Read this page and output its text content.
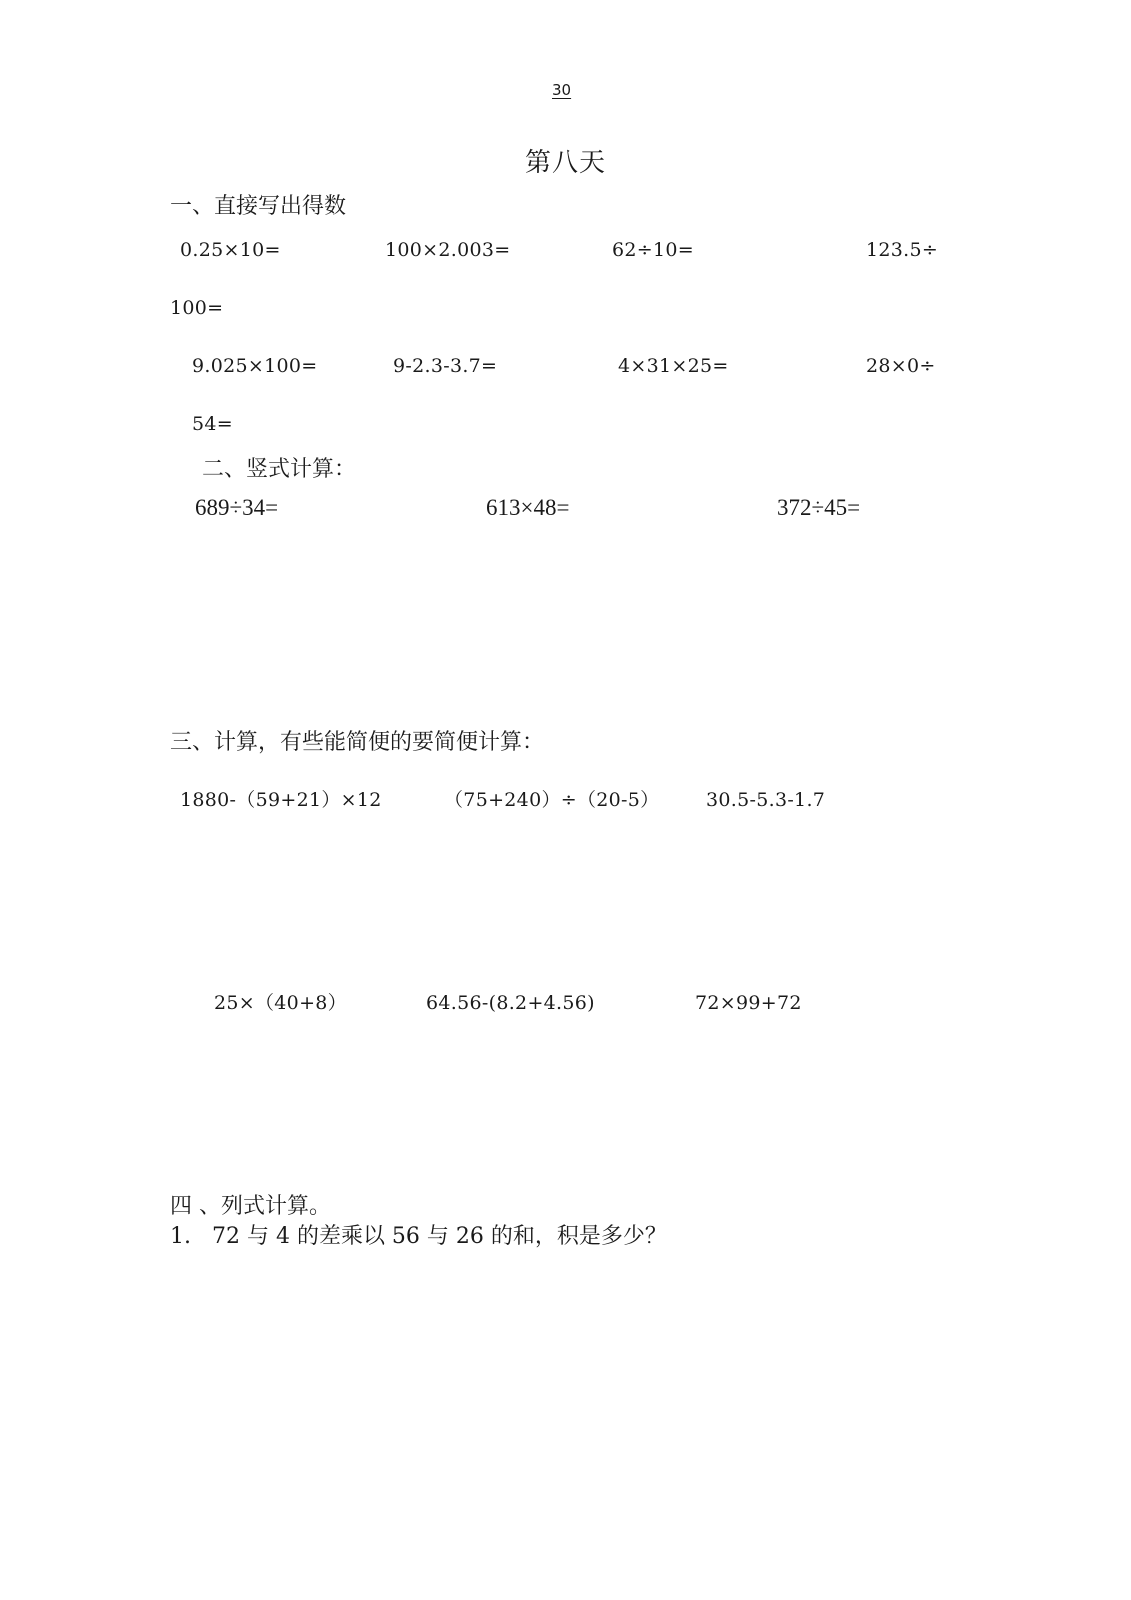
30
第八天
一、直接写出得数
0.25×10=	100×2.003=	62÷10=	123.5÷
100=
9.025×100=	9-2.3-3.7=	4×31×25=	28×0÷
54=
二、竖式计算：
689÷34=	613×48=	372÷45=
三、计算，有些能简便的要简便计算：
1880-（59+21）×12	（75+240）÷（20-5） 30.5-5.3-1.7
25×（40+8）	64.56-(8.2+4.56)	72×99+72
四 、列式计算。
1.   72 与 4 的差乘以 56 与 26 的和，积是多少？
